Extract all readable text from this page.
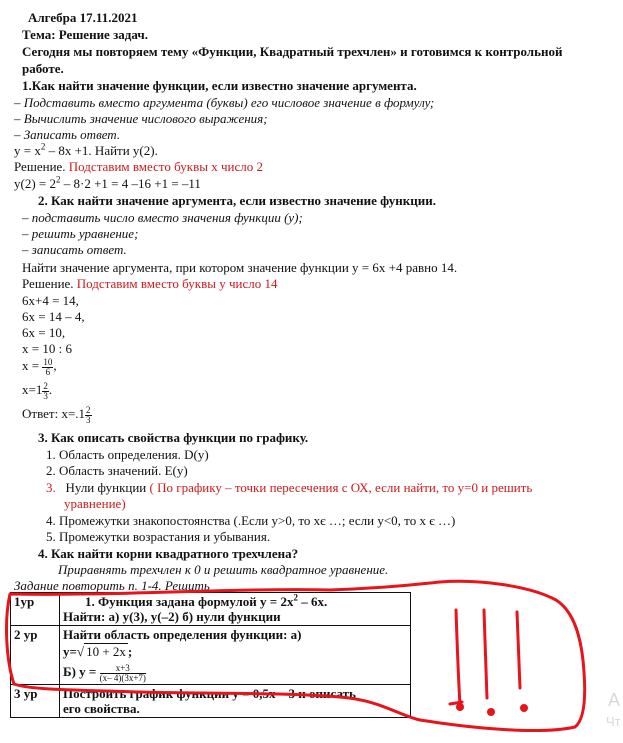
Алгебра 17.11.2021
Тема: Решение задач.
Сегодня мы повторяем тему «Функции, Квадратный трехчлен» и готовимся к контрольной
работе.
1.Как найти значение функции, если известно значение аргумента.
– Подставить вместо аргумента (буквы) его числовое значение в формулу;
– Вычислить значение числового выражения;
– Записать ответ.
$y = x^2 - 8x +1$. Найти y(2).
Решение. Подставим вместо буквы х число 2
$y(2) = 2^2 - 8\cdot 2 +1 = 4$ –16 +1 = –11
2. Как найти значение аргумента, если известно значение функции.
– подставить число вместо значения функции (у);
– решить уравнение;
– записать ответ.
Найти значение аргумента, при котором значение функции y = 6x +4 равно 14.
Решение. Подставим вместо буквы у число 14
6x+4 = 14,
6x = 14 – 4,
6x = 10,
x = 10 : 6
$x = \frac{10}{6}$ ,
$x=1 \frac{2}{3}$ .
Ответ: $x=.1 \frac{2}{3}$
3. Как описать свойства функции по графику.
1. Область определения. D(y)
2. Область значений. E(y)
3. Нули функции ( По графику – точки пересечения с ОХ, если найти, то у=0 и решить
уравнение)
4. Промежутки знакопостоянства (.Если у>0, то хє …; если у<0, то х є …)
5. Промежутки возрастания и убывания.
4. Как найти корни квадратного трехчлена?
Приравнять трехчлен к 0 и решить квадратное уравнение.
Задание повторить п. 1-4. Решить
1ур	1. Функция задана формулой $y = 2x^2 - 6x$.
Найти: а) y(3), y(–2) б) нули функции

2 ур	Найти область определения функции: а)
y=√ 10 + 2x ;
Б) $y = \frac{x+3}{(x- 4)(3x+7)}$

3 ур	Построить график функции y = 0,5x – 3 и описать
его свойства.	А
Чт
